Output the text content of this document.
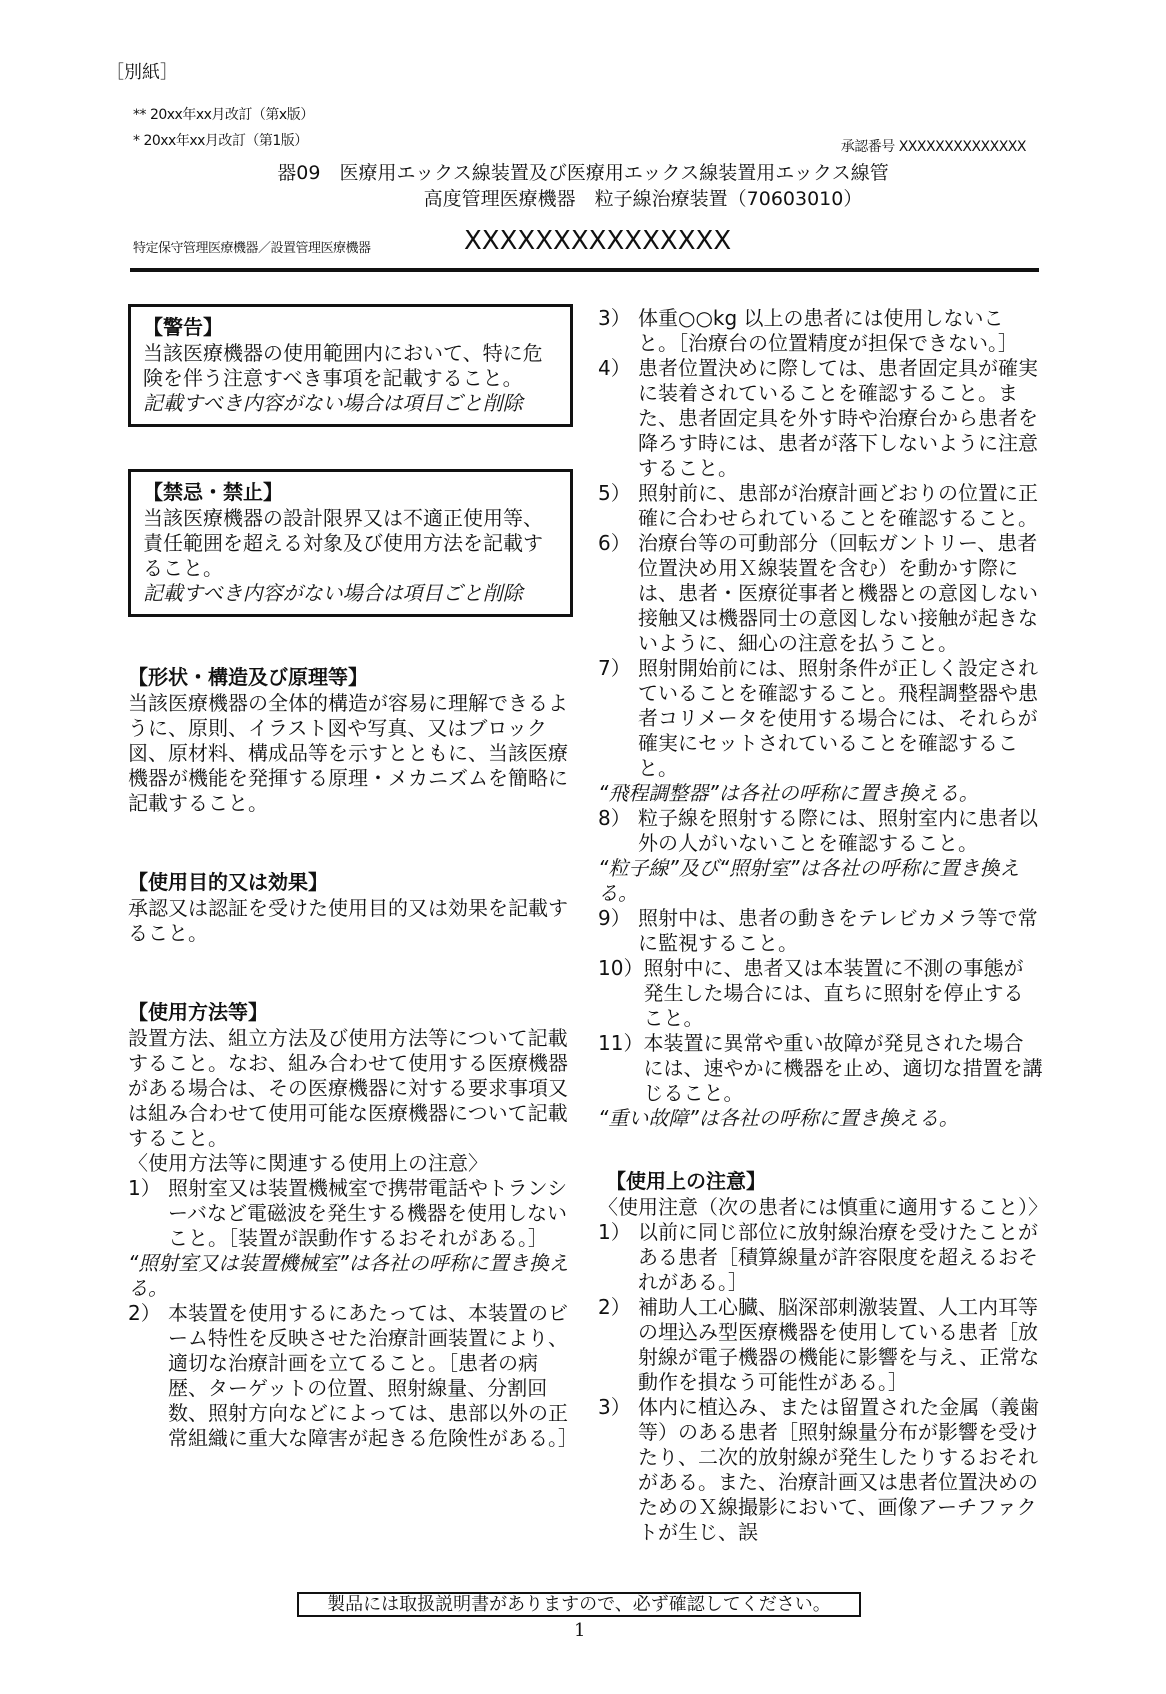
［別紙］
** 20xx年xx月改訂（第x版）
* 20xx年xx月改訂（第1版）	承認番号 XXXXXXXXXXXXXX
器09　医療用エックス線装置及び医療用エックス線装置用エックス線管
高度管理医療機器　粒子線治療装置（70603010）
特定保守管理医療機器／設置管理医療機器	XXXXXXXXXXXXXXX
【警告】
当該医療機器の使用範囲内において、特に危険を伴う注意すべき事項を記載すること。
記載すべき内容がない場合は項目ごと削除
【禁忌・禁止】
当該医療機器の設計限界又は不適正使用等、責任範囲を超える対象及び使用方法を記載すること。
記載すべき内容がない場合は項目ごと削除
【形状・構造及び原理等】
当該医療機器の全体的構造が容易に理解できるように、原則、イラスト図や写真、又はブロック図、原材料、構成品等を示すとともに、当該医療機器が機能を発揮する原理・メカニズムを簡略に記載すること。
【使用目的又は効果】
承認又は認証を受けた使用目的又は効果を記載すること。
【使用方法等】
設置方法、組立方法及び使用方法等について記載すること。なお、組み合わせて使用する医療機器がある場合は、その医療機器に対する要求事項又は組み合わせて使用可能な医療機器について記載すること。
〈使用方法等に関連する使用上の注意〉
1） 照射室又は装置機械室で携帯電話やトランシーバなど電磁波を発生する機器を使用しないこと。［装置が誤動作するおそれがある。］
“照射室又は装置機械室”は各社の呼称に置き換える。
2） 本装置を使用するにあたっては、本装置のビーム特性を反映させた治療計画装置により、適切な治療計画を立てること。［患者の病歴、ターゲットの位置、照射線量、分割回数、照射方向などによっては、患部以外の正常組織に重大な障害が起きる危険性がある。］
3） 体重○○kg 以上の患者には使用しないこと。［治療台の位置精度が担保できない。］
4） 患者位置決めに際しては、患者固定具が確実に装着されていることを確認すること。また、患者固定具を外す時や治療台から患者を降ろす時には、患者が落下しないように注意すること。
5） 照射前に、患部が治療計画どおりの位置に正確に合わせられていることを確認すること。
6） 治療台等の可動部分（回転ガントリー、患者位置決め用Ｘ線装置を含む）を動かす際には、患者・医療従事者と機器との意図しない接触又は機器同士の意図しない接触が起きないように、細心の注意を払うこと。
7） 照射開始前には、照射条件が正しく設定されていることを確認すること。飛程調整器や患者コリメータを使用する場合には、それらが確実にセットされていることを確認すること。
“飛程調整器”は各社の呼称に置き換える。
8） 粒子線を照射する際には、照射室内に患者以外の人がいないことを確認すること。
“粒子線”及び“照射室”は各社の呼称に置き換える。
9） 照射中は、患者の動きをテレビカメラ等で常に監視すること。
10） 照射中に、患者又は本装置に不測の事態が発生した場合には、直ちに照射を停止すること。
11） 本装置に異常や重い故障が発見された場合には、速やかに機器を止め、適切な措置を講じること。
“重い故障”は各社の呼称に置き換える。
【使用上の注意】
〈使用注意（次の患者には慎重に適用すること）〉
1） 以前に同じ部位に放射線治療を受けたことがある患者［積算線量が許容限度を超えるおそれがある。］
2） 補助人工心臓、脳深部刺激装置、人工内耳等の埋込み型医療機器を使用している患者［放射線が電子機器の機能に影響を与え、正常な動作を損なう可能性がある。］
3） 体内に植込み、または留置された金属（義歯等）のある患者［照射線量分布が影響を受けたり、二次的放射線が発生したりするおそれがある。また、治療計画又は患者位置決めのためのＸ線撮影において、画像アーチファクトが生じ、誤
製品には取扱説明書がありますので、必ず確認してください。
1
